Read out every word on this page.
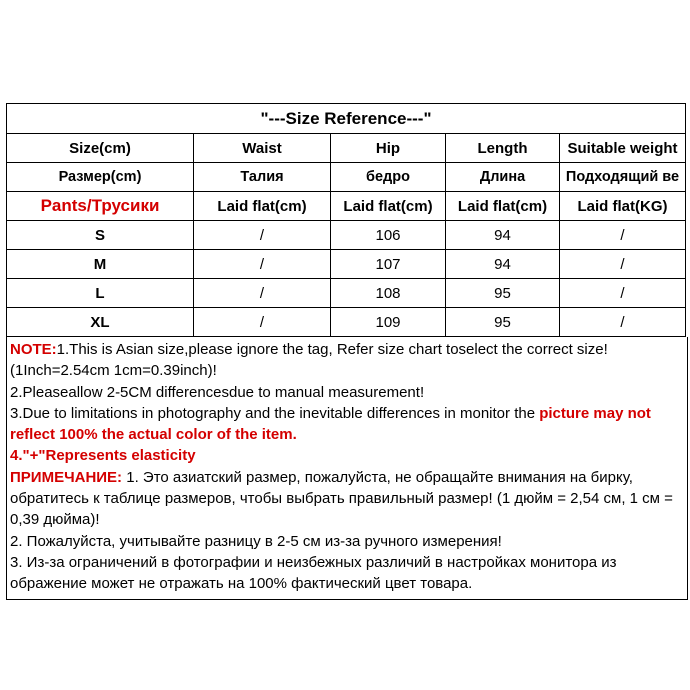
"---Size Reference---"				
Size(cm)	Waist	Hip	Length	Suitable weight
Размер(cm)	Талия	бедро	Длина	Подходящий ве
Pants/Трусики	Laid flat(cm)	Laid flat(cm)	Laid flat(cm)	Laid flat(KG)
S	/	106	94	/
M	/	107	94	/
L	/	108	95	/
XL	/	109	95	/

NOTE:1.This is Asian size,please ignore the tag, Refer size chart toselect the correct size!(1Inch=2.54cm 1cm=0.39inch)!

2.Pleaseallow 2-5CM differencesdue to manual measurement!

3.Due to limitations in photography and the inevitable differences in monitor the picture may not reflect 100% the actual color of the item.

4."+"Represents elasticity

ПРИМЕЧАНИЕ: 1. Это азиатский размер, пожалуйста, не обращайте внимания на бирку, обратитесь к таблице размеров, чтобы выбрать правильный размер! (1 дюйм = 2,54 см, 1 см = 0,39 дюйма)!

2. Пожалуйста, учитывайте разницу в 2-5 см из-за ручного измерения!

3. Из-за ограничений в фотографии и неизбежных различий в настройках монитора из ображение может не отражать на 100% фактический цвет товара.
